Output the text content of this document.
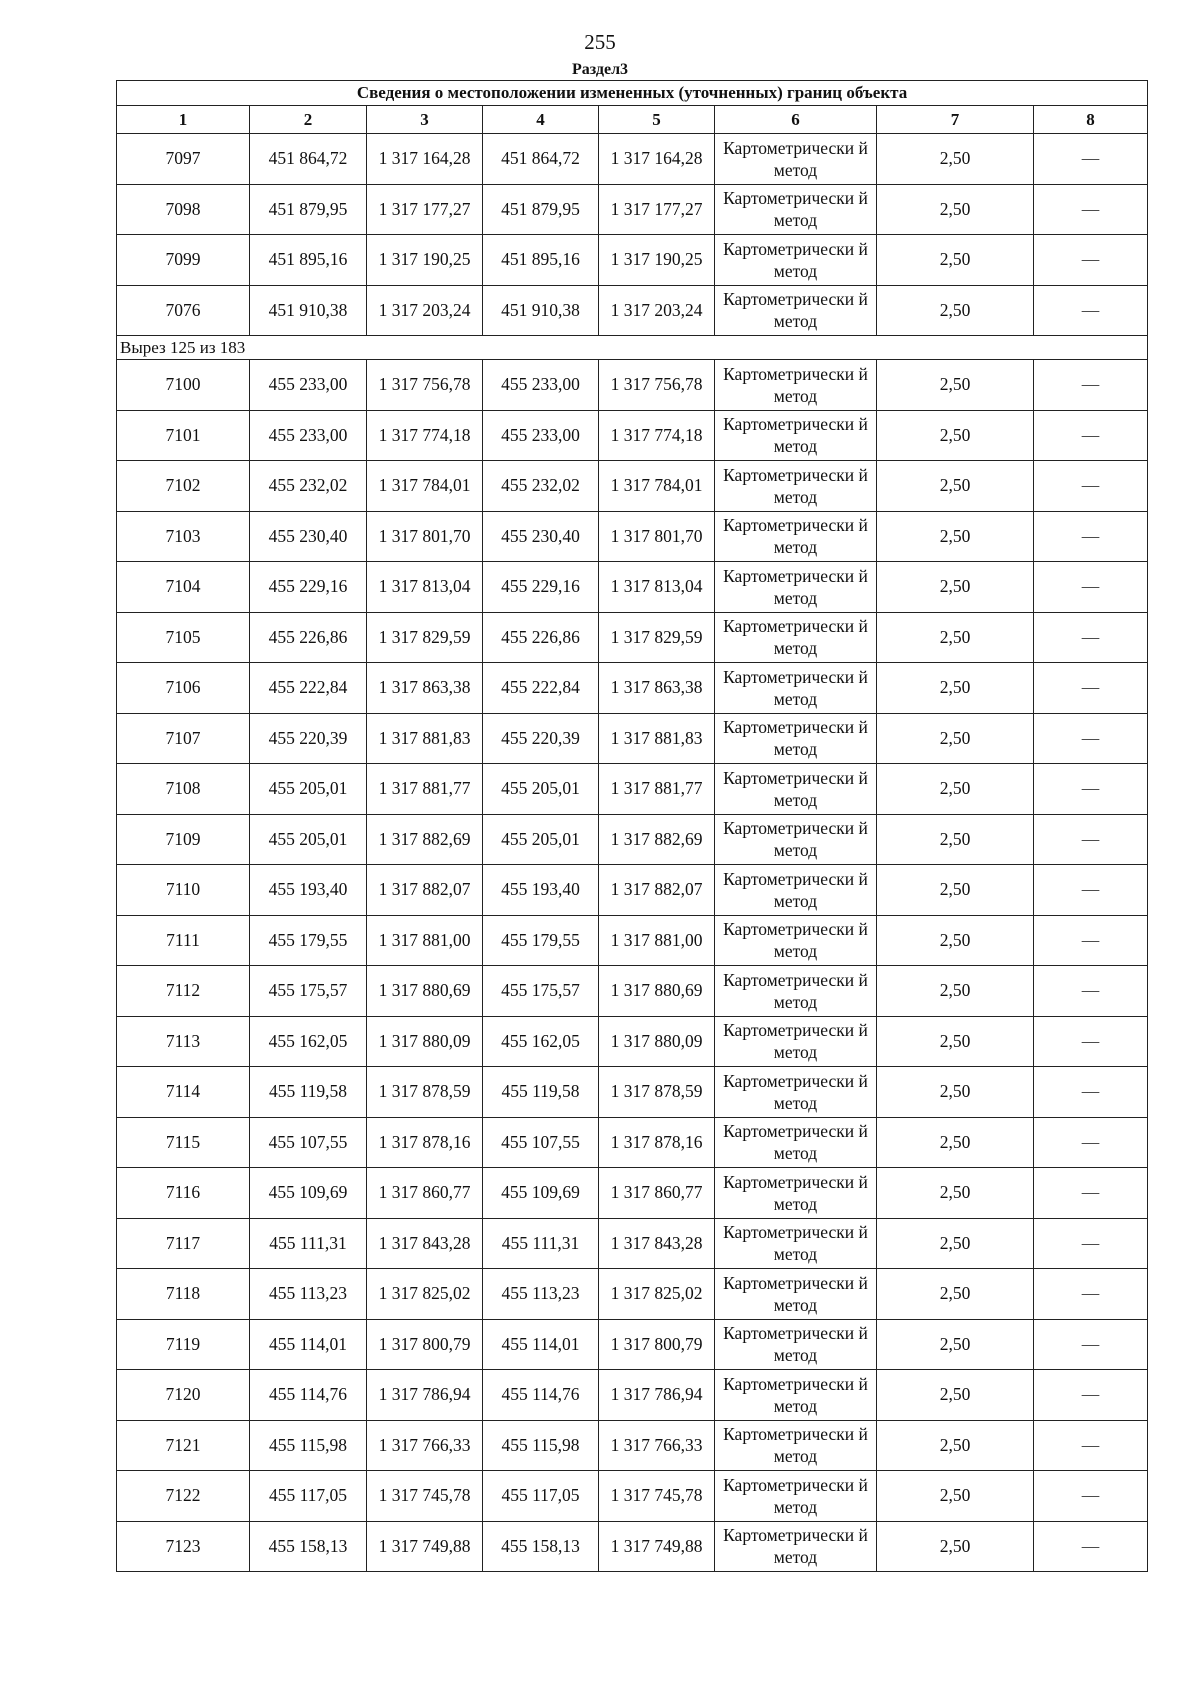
255
Раздел3
Сведения о местоположении измененных (уточненных) границ объекта							
1	2	3	4	5	6	7	8
7097	451 864,72	1 317 164,28	451 864,72	1 317 164,28	Картометрически й метод	2,50	—
7098	451 879,95	1 317 177,27	451 879,95	1 317 177,27	Картометрически й метод	2,50	—
7099	451 895,16	1 317 190,25	451 895,16	1 317 190,25	Картометрически й метод	2,50	—
7076	451 910,38	1 317 203,24	451 910,38	1 317 203,24	Картометрически й метод	2,50	—
Вырез 125 из 183							
7100	455 233,00	1 317 756,78	455 233,00	1 317 756,78	Картометрически й метод	2,50	—
7101	455 233,00	1 317 774,18	455 233,00	1 317 774,18	Картометрически й метод	2,50	—
7102	455 232,02	1 317 784,01	455 232,02	1 317 784,01	Картометрически й метод	2,50	—
7103	455 230,40	1 317 801,70	455 230,40	1 317 801,70	Картометрически й метод	2,50	—
7104	455 229,16	1 317 813,04	455 229,16	1 317 813,04	Картометрически й метод	2,50	—
7105	455 226,86	1 317 829,59	455 226,86	1 317 829,59	Картометрически й метод	2,50	—
7106	455 222,84	1 317 863,38	455 222,84	1 317 863,38	Картометрически й метод	2,50	—
7107	455 220,39	1 317 881,83	455 220,39	1 317 881,83	Картометрически й метод	2,50	—
7108	455 205,01	1 317 881,77	455 205,01	1 317 881,77	Картометрически й метод	2,50	—
7109	455 205,01	1 317 882,69	455 205,01	1 317 882,69	Картометрически й метод	2,50	—
7110	455 193,40	1 317 882,07	455 193,40	1 317 882,07	Картометрически й метод	2,50	—
7111	455 179,55	1 317 881,00	455 179,55	1 317 881,00	Картометрически й метод	2,50	—
7112	455 175,57	1 317 880,69	455 175,57	1 317 880,69	Картометрически й метод	2,50	—
7113	455 162,05	1 317 880,09	455 162,05	1 317 880,09	Картометрически й метод	2,50	—
7114	455 119,58	1 317 878,59	455 119,58	1 317 878,59	Картометрически й метод	2,50	—
7115	455 107,55	1 317 878,16	455 107,55	1 317 878,16	Картометрически й метод	2,50	—
7116	455 109,69	1 317 860,77	455 109,69	1 317 860,77	Картометрически й метод	2,50	—
7117	455 111,31	1 317 843,28	455 111,31	1 317 843,28	Картометрически й метод	2,50	—
7118	455 113,23	1 317 825,02	455 113,23	1 317 825,02	Картометрически й метод	2,50	—
7119	455 114,01	1 317 800,79	455 114,01	1 317 800,79	Картометрически й метод	2,50	—
7120	455 114,76	1 317 786,94	455 114,76	1 317 786,94	Картометрически й метод	2,50	—
7121	455 115,98	1 317 766,33	455 115,98	1 317 766,33	Картометрически й метод	2,50	—
7122	455 117,05	1 317 745,78	455 117,05	1 317 745,78	Картометрически й метод	2,50	—
7123	455 158,13	1 317 749,88	455 158,13	1 317 749,88	Картометрически й метод	2,50	—
